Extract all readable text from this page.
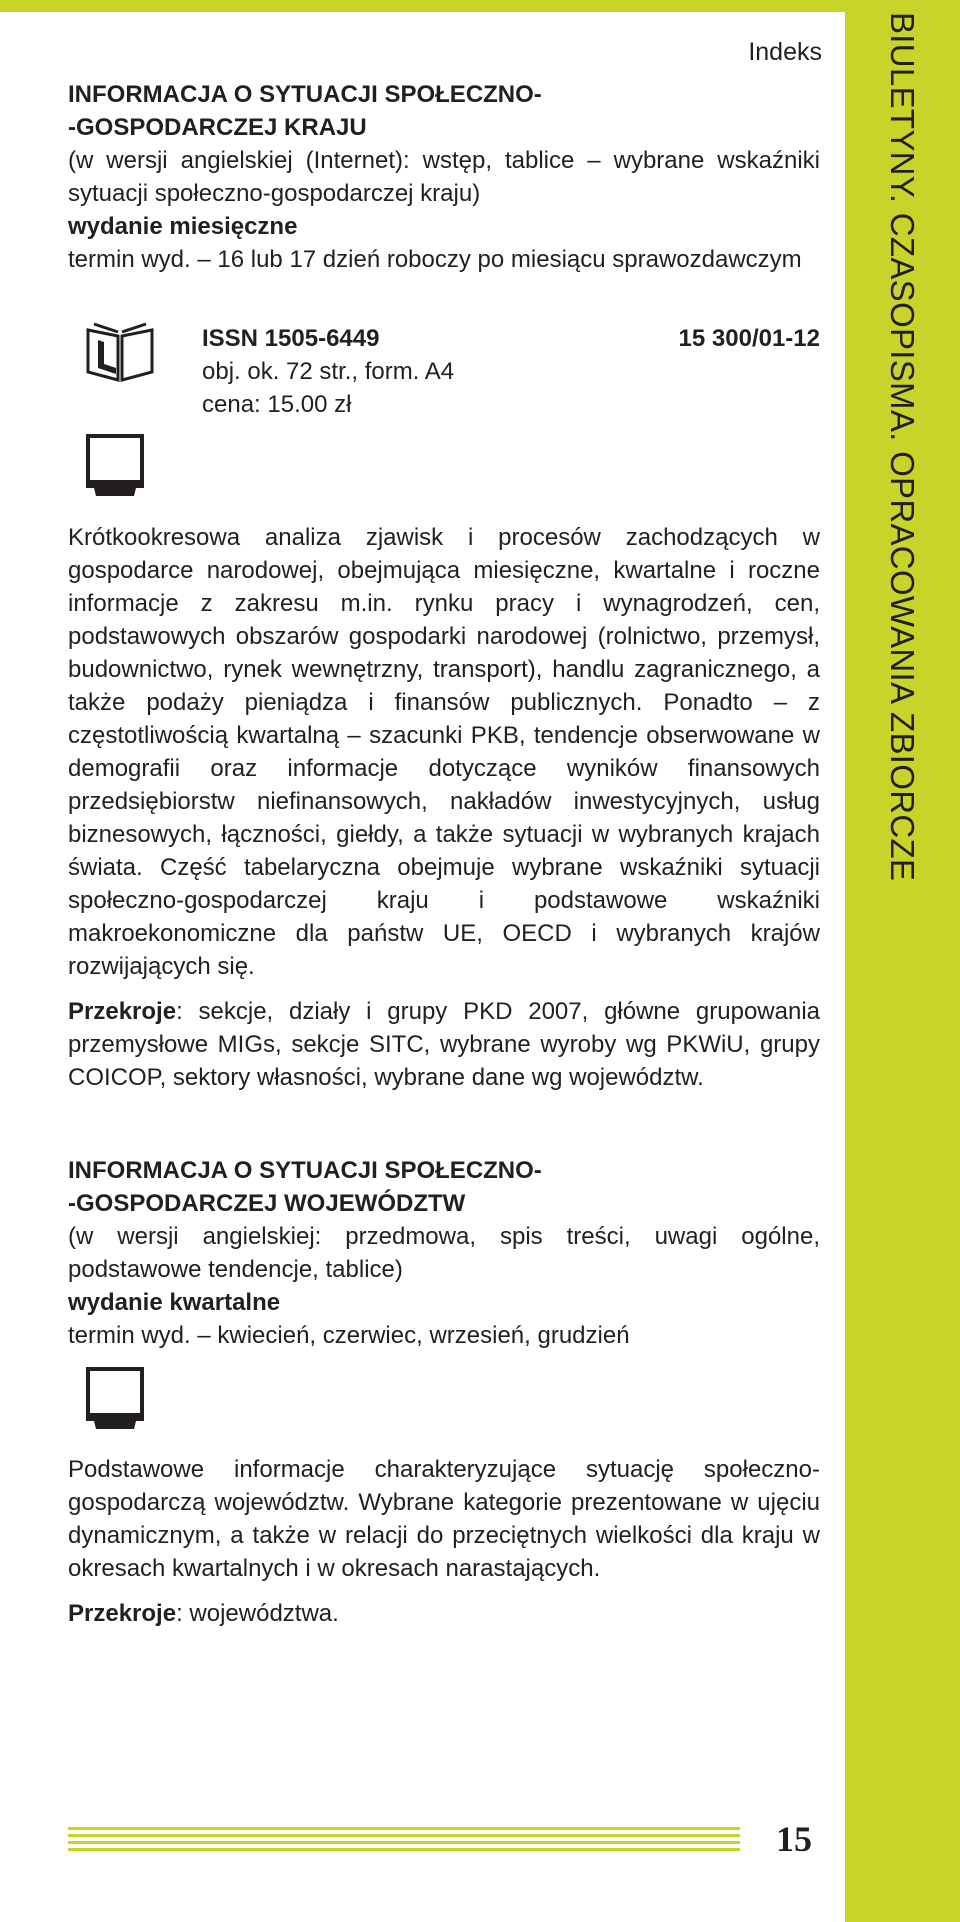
BIULETYNY. CZASOPISMA. OPRACOWANIA ZBIORCZE
Indeks
INFORMACJA O SYTUACJI SPOŁECZNO-
-GOSPODARCZEJ KRAJU

(w wersji angielskiej (Internet): wstęp, tablice – wybrane wskaźniki sytuacji społeczno-gospodarczej kraju)

wydanie miesięczne

termin wyd. – 16 lub 17 dzień roboczy po miesiącu sprawozdawczym

ISSN 1505-6449	15 300/01-12
obj. ok. 72 str., form. A4
cena: 15.00 zł

Krótkookresowa analiza zjawisk i procesów zachodzących w gospodarce narodowej, obejmująca miesięczne, kwartalne i roczne informacje z zakresu m.in. rynku pracy i wynagrodzeń, cen, podstawowych obszarów gospodarki narodowej (rolnictwo, przemysł, budownictwo, rynek wewnętrzny, transport), handlu zagranicznego, a także podaży pieniądza i finansów publicznych. Ponadto – z częstotliwością kwartalną – szacunki PKB, tendencje obserwowane w demografii oraz informacje dotyczące wyników finansowych przedsiębiorstw niefinansowych, nakładów inwestycyjnych, usług biznesowych, łączności, giełdy, a także sytuacji w wybranych krajach świata. Część tabelaryczna obejmuje wybrane wskaźniki sytuacji społeczno-gospodarczej kraju i podstawowe wskaźniki makroekonomiczne dla państw UE, OECD i wybranych krajów rozwijających się.

Przekroje: sekcje, działy i grupy PKD 2007, główne grupowania przemysłowe MIGs, sekcje SITC, wybrane wyroby wg PKWiU, grupy COICOP, sektory własności, wybrane dane wg województw.

INFORMACJA O SYTUACJI SPOŁECZNO-
-GOSPODARCZEJ WOJEWÓDZTW

(w wersji angielskiej: przedmowa, spis treści, uwagi ogólne, podstawowe tendencje, tablice)

wydanie kwartalne

termin wyd. – kwiecień, czerwiec, wrzesień, grudzień

Podstawowe informacje charakteryzujące sytuację społeczno-gospodarczą województw. Wybrane kategorie prezentowane w ujęciu dynamicznym, a także w relacji do przeciętnych wielkości dla kraju w okresach kwartalnych i w okresach narastających.

Przekroje: województwa.

15
